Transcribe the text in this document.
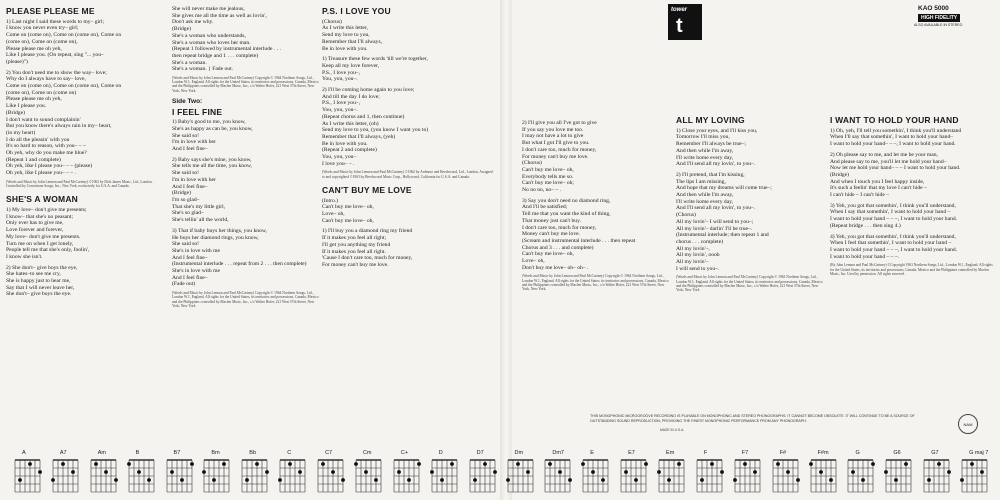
PLEASE PLEASE ME
1) Last night I said these words to my– girl;
I know you never even try– girl;
Come on (come on), Come on (come on), Come on
(come on), Come on (come on),
Please please me oh yeh,
Like I please you. (On repeat, sing "... you–
(please)")
2) You don't need me to show the way– love;
Why do I always have to say– love,
Come on (come on), Come on (come on), Come on
(come on), Come on (come on)
Please please me oh yeh,
Like I please you.
(Bridge)
I don't want to sound complainin'
But you know there's always rain in my– heart,
(in my heart)
I do all the pleasin' with you
It's so hard to reason, with you– – –
Oh yeh, why do you make me blue?
(Repeat 1 and complete)
Oh yeh, like I please you– – – (please)
Oh yeh, like I please you– – – .
(Words and Music by John Lennon and Paul McCartney) ©1963 by Dick James Music, Ltd., London. Controlled by Concertone Songs, Inc., New York, exclusively for U.S.A. and Canada.
SHE'S A WOMAN
1) My love– don't give me presents;
I know– that she's no peasant;
Only ever has to give me,
Love forever and forever,
My love– don't give me presents.
Turn me on when I get lonely,
People tell me that she's only, foolin',
I know she isn't.
2) She don't– give boys the eye,
She hates–to see me cry,
She is happy just to hear me,
Say that I will never leave her,
She don't– give boys the eye.
She will never make me jealous,
She gives me all the time as well as lovin',
Don't ask me why.
(Bridge)
She's a woman who understands,
She's a woman who loves her man.
(Repeat 1 followed by instrumental interlude . . .
then repeat bridge and 1 . . . complete)
She's a woman.
She's a woman. } Fade out.
(Words and Music by John Lennon and Paul McCartney) Copyright © 1964 Northern Songs, Ltd., London W.1, England. All rights for the United States, its territories and possessions, Canada, Mexico and the Philippines controlled by Maclen Music, Inc., c/o Walter Hofer, 221 West 57th Street, New York, New York.
Side Two:
I FEEL FINE
1) Baby's good to me, you know,
She's as happy as can be, you know,
She said so!
I'm in love with her
And I feel fine–
2) Baby says she's mine, you know,
She tells me all the time, you know,
She said so!
I'm in love with her
And I feel fine–
(Bridge)
I'm so glad–
That she's my little girl,
She's so glad–
She's tellin' all the world,
3) That if baby buys her things, you know,
He buys her diamond rings, you know,
She said so!
She's in love with me
And I feel fine–
(Instrumental interlude . . . repeat from 2 . . . then complete)
She's in love with me
And I feel fine–
(Fade out)
(Words and Music by John Lennon and Paul McCartney) Copyright © 1964 Northern Songs, Ltd., London W.1, England. All rights for the United States, its territories and possessions, Canada, Mexico and the Philippines controlled by Maclen Music, Inc., c/o Walter Hofer, 221 West 57th Street, New York, New York.
P.S. I LOVE YOU
(Chorus)
As I write this letter,
Send my love to you,
Remember that I'll always,
Be in love with you.
1) Treasure these few words 'till we're together,
Keep all my love forever,
P.S., I love you–,
You, you, you–.
2) I'll be coming home again to you love;
And till the day I do love;
P.S., I love you–,
You, you, you–.
(Repeat chorus and 1, then continue)
As I write this letter, (oh)
Send my love to you, (you know I want you to)
Remember that I'll always, (yeh)
Be in love with you.
(Repeat 2 and complete)
You, you, you–
I love you– – .
(Words and Music by John Lennon and Paul McCartney) ©1962 by Ardmore and Beechwood, Ltd., London. Assigned to and copyrighted ©1963 by Beechwood Music Corp., Hollywood, California for U.S.A. and Canada.
CAN'T BUY ME LOVE
(Intro.)
Can't buy me love– oh,
Love– oh,
Can't buy me love– oh,
1) I'll buy you a diamond ring my friend
If it makes you feel all right;
I'll get you anything my friend
If it makes you feel all right.
'Cause I don't care too, much for money,
For money can't buy me love.
tower
t
KAO 5000
HIGH FIDELITY
ALSO AVAILABLE IN STEREO
2) I'll give you all I've got to give
If you say you love me too.
I may not have a lot to give
But what I got I'll give to you.
I don't care too, much for money,
For money can't buy me love.
(Chorus)
Can't buy me love– oh,
Everybody tells me so.
Can't buy me love– oh;
No no no, no– – .
3) Say you don't need no diamond ring,
And I'll be satisfied;
Tell me that you want the kind of thing,
That money just can't buy.
I don't care too, much for money,
Money can't buy me love.
(Scream and instrumental interlude . . . then repeat
Chorus and 3 . . . and complete)
Can't buy me love– oh,
Love– oh,
Don't buy me love– oh– oh– .
(Words and Music by John Lennon and Paul McCartney) Copyright © 1964 Northern Songs, Ltd., London W.1, England. All rights for the United States, its territories and possessions, Canada, Mexico and the Philippines controlled by Maclen Music, Inc., c/o Walter Hofer, 221 West 57th Street, New York, New York.
ALL MY LOVING
1) Close your eyes, and I'll kiss you,
Tomorrow I'll miss you,
Remember I'll always be true–;
And then while I'm away,
I'll write home every day,
And I'll send all my lovin', to you–.
2) I'll pretend, that I'm kissing,
The lips I am missing,
And hope that my dreams will come true–;
And then while I'm away,
I'll write home every day,
And I'll send all my lovin', to you–.
(Chorus)
All my lovin'– I will send to you–;
All my lovin'– darlin' I'll be true–.
(Instrumental interlude; then repeat 1 and
chorus . . . complete)
All my lovin'–,
All my lovin', oooh
All my lovin'–
I will send to you–.
(Words and Music by John Lennon and Paul McCartney) Copyright © 1963 Northern Songs, Ltd., London W.1, England. All rights for the United States, its territories and possessions, Canada, Mexico and the Philippines controlled by Maclen Music, Inc., c/o Walter Hofer, 221 West 57th Street, New York, New York.
I WANT TO HOLD YOUR HAND
1) Oh, yeh, I'll tell you somethin', I think you'll understand
When I'll say that somethin', I want to hold your hand–
I want to hold your hand– – –, I want to hold your hand.
2) Oh please say to me, and let me be your man,
And please say to me, you'll let me hold your hand–
Now let me hold your hand– – – I want to hold your hand.
(Bridge)
And when I touch you I feel happy inside,
It's such a feelin' that my love I can't hide –
I can't hide – I can't hide –
3) Yeh, you got that somethin', I think you'll understand,
When I say that somethin', I want to hold your hand –
I want to hold your hand – – –, I want to hold your hand.
(Repeat bridge . . . then sing 4.)
4) Yeh, you got that somethin', I think you'll understand,
When I feel that somethin', I want to hold your hand –
I want to hold your hand – – –, I want to hold your hand.
I want to hold your hand – – –.
(By John Lennon and Paul McCartney) ©Copyright 1963 Northern Songs, Ltd., London W.1, England. All rights for the United States, its territories and possessions, Canada, Mexico and the Philippines controlled by Maclen Music, Inc. Used by permission. All rights reserved.
THIS MONOPHONIC MICROGROOVE RECORDING IS PLAYABLE ON MONOPHONIC AND STEREO PHONOGRAPHS. IT CANNOT BECOME OBSOLETE. IT WILL CONTINUE TO BE A SOURCE OF OUTSTANDING SOUND REPRODUCTION, PROVIDING THE FINEST MONOPHONIC PERFORMANCE FROM ANY PHONOGRAPH.
MADE IN U.S.A.
NAM
A	A7	Am	B	B7	Bm	Bb	C	C7	Cm	C+	D	D7	Dm	Dm7	E	E7	Em	F	F7	F#	F#m	G	G6	G7	G maj 7
